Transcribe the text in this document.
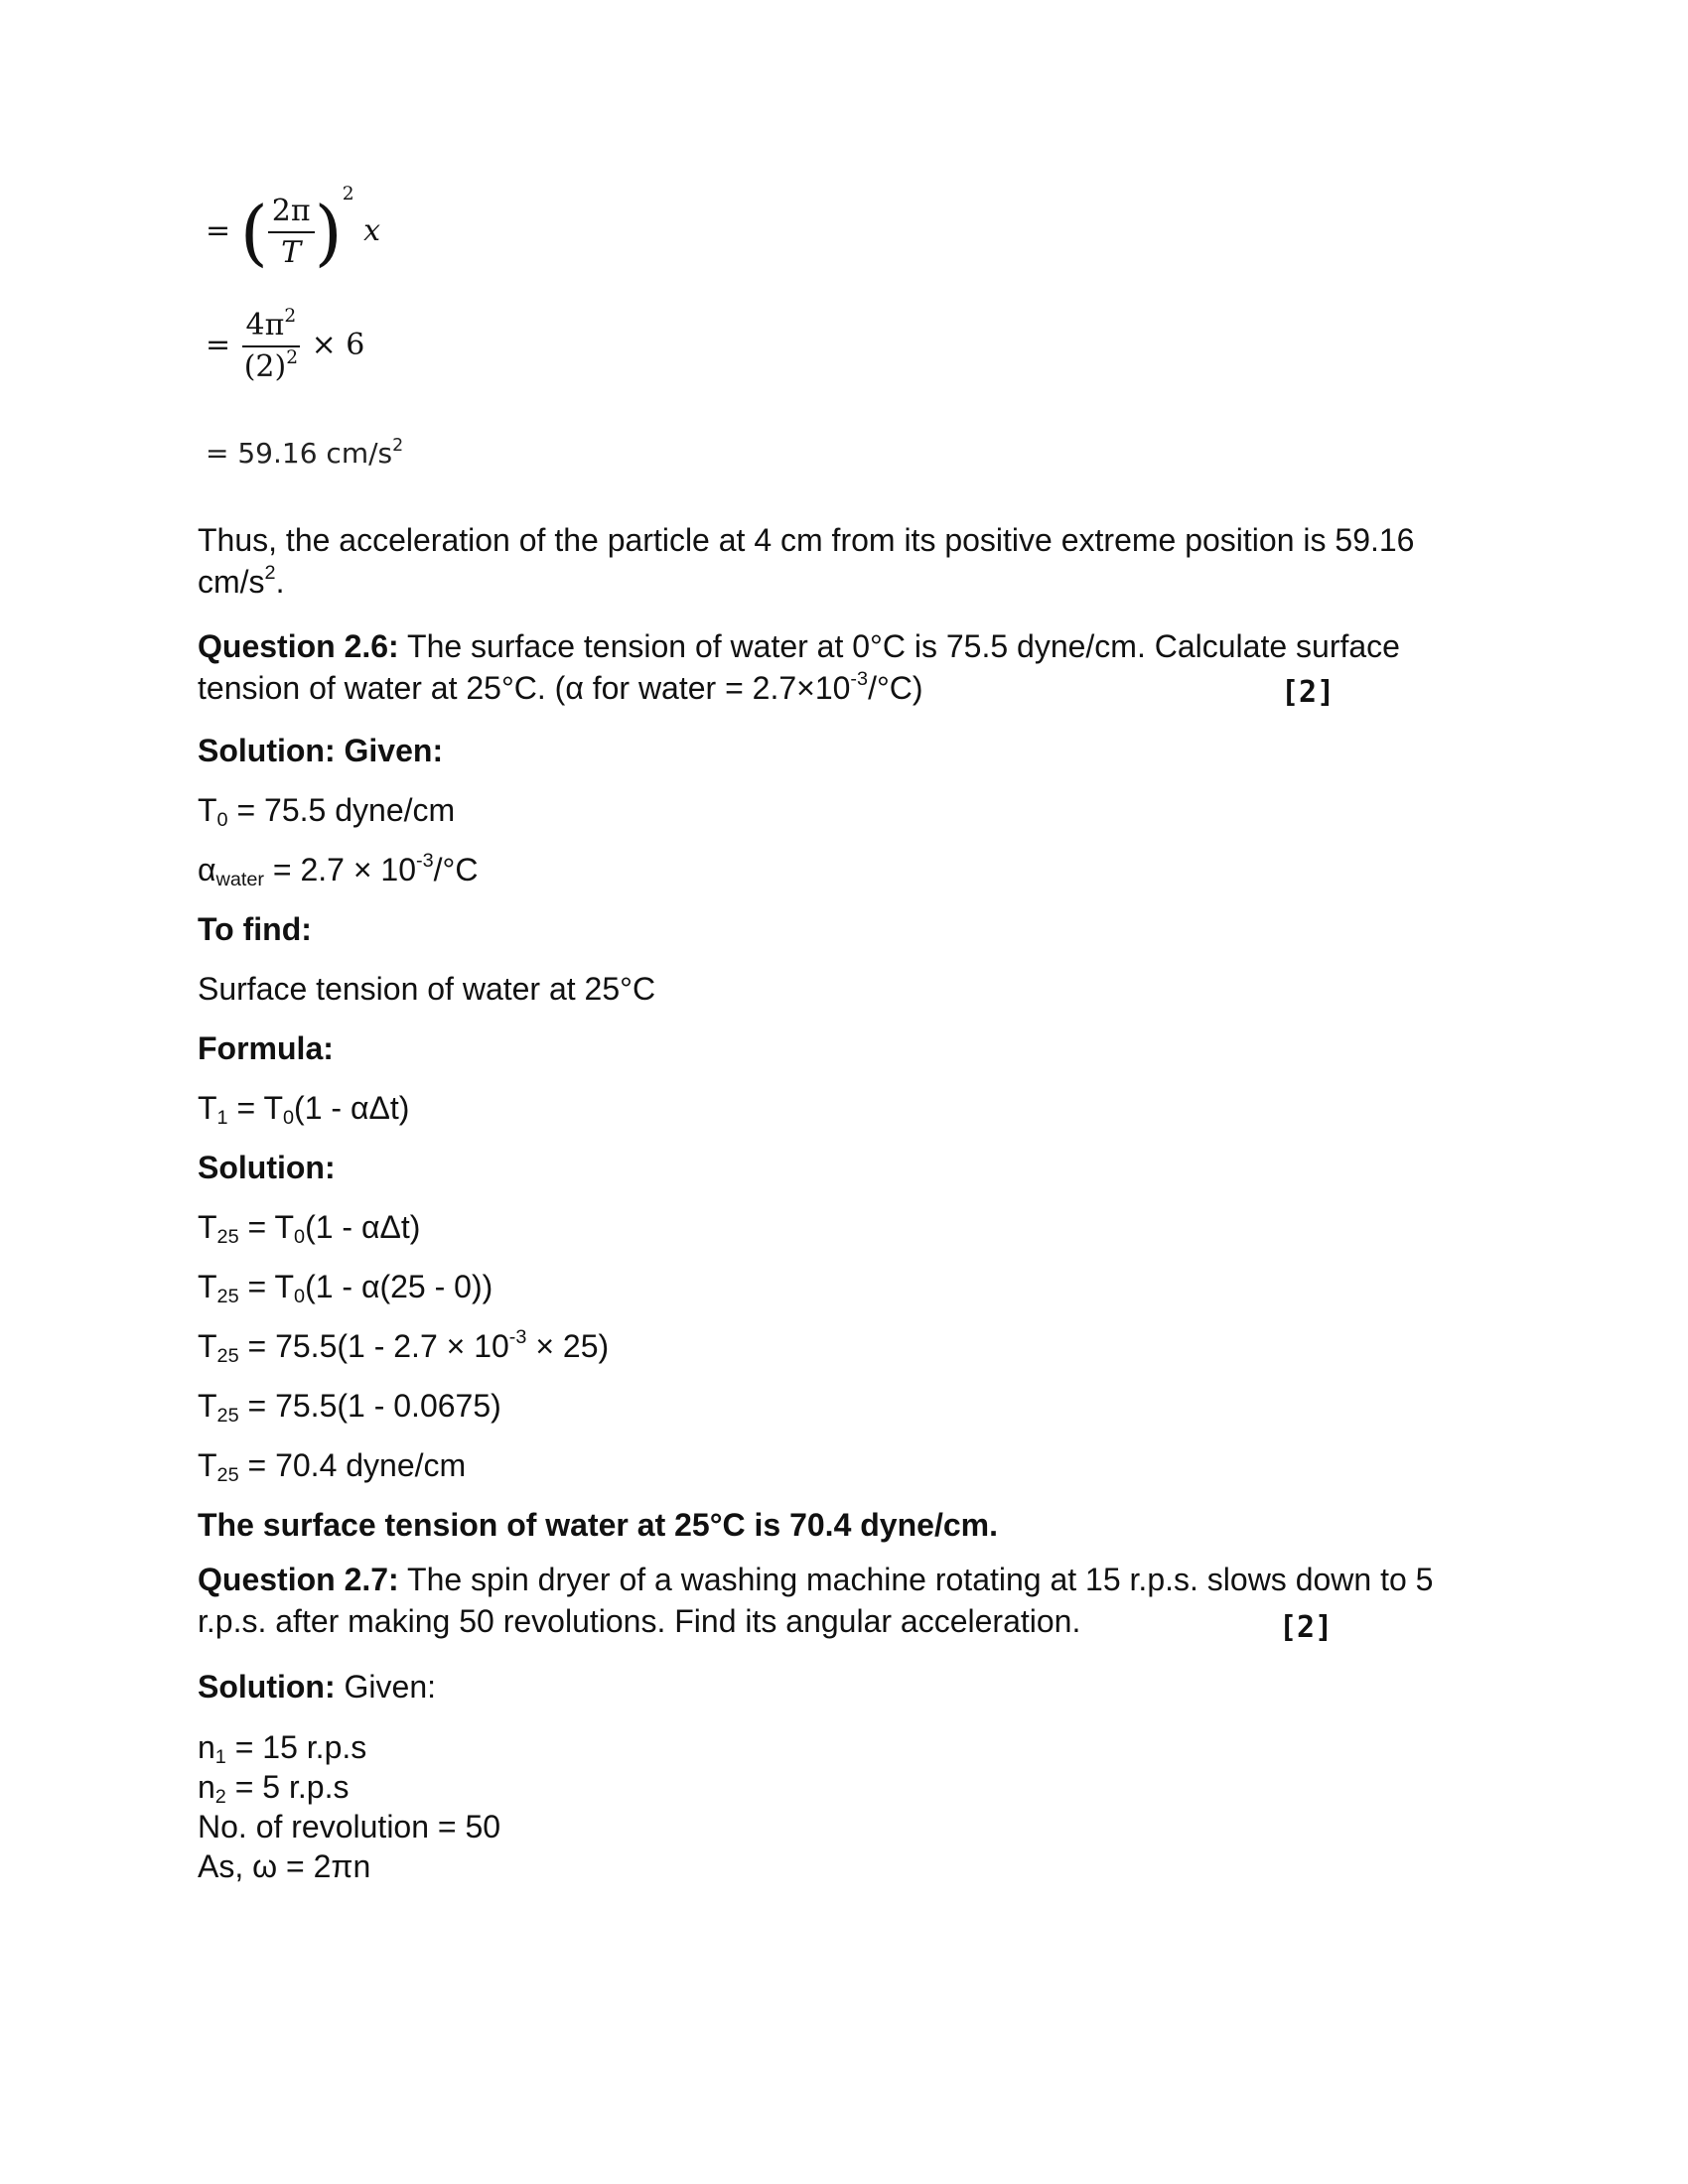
= ( $\frac{2\pi}{T} )^2$ x
= $\frac{4\pi^2}{(2)^2} \times 6$
= 59.16 $cm/s^2$
Thus, the acceleration of the particle at 4 cm from its positive extreme position is 59.16
$cm/s^2$.
Question 2.6: The surface tension of water at 0°C is 75.5 dyne/cm. Calculate surface
tension of water at 25°C. (α for water = $2.7\times 10^{-3}/^\circ C$)	[2]
Solution: Given:
$T_0 = 75.5$ dyne/cm
$\alpha_{water} = 2.7 \times 10^{-3}/^\circ C$
To find:
Surface tension of water at 25°C
Formula:
$T_1 = T_0(1 - \alpha\Delta t)$
Solution:
$T_{25} = T_0(1 - \alpha\Delta t)$
$T_{25} = T_0(1 - \alpha(25 - 0))$
$T_{25} = 75.5(1 - 2.7 \times 10^{-3} \times 25)$
$T_{25} = 75.5(1 - 0.0675)$
$T_{25} = 70.4$ dyne/cm
The surface tension of water at 25°C is 70.4 dyne/cm.
Question 2.7: The spin dryer of a washing machine rotating at 15 r.p.s. slows down to 5
r.p.s. after making 50 revolutions. Find its angular acceleration.	[2]
Solution: Given:
$n_1 = 15$ r.p.s
$n_2 = 5$ r.p.s
No. of revolution = 50
As, ω = 2πn
